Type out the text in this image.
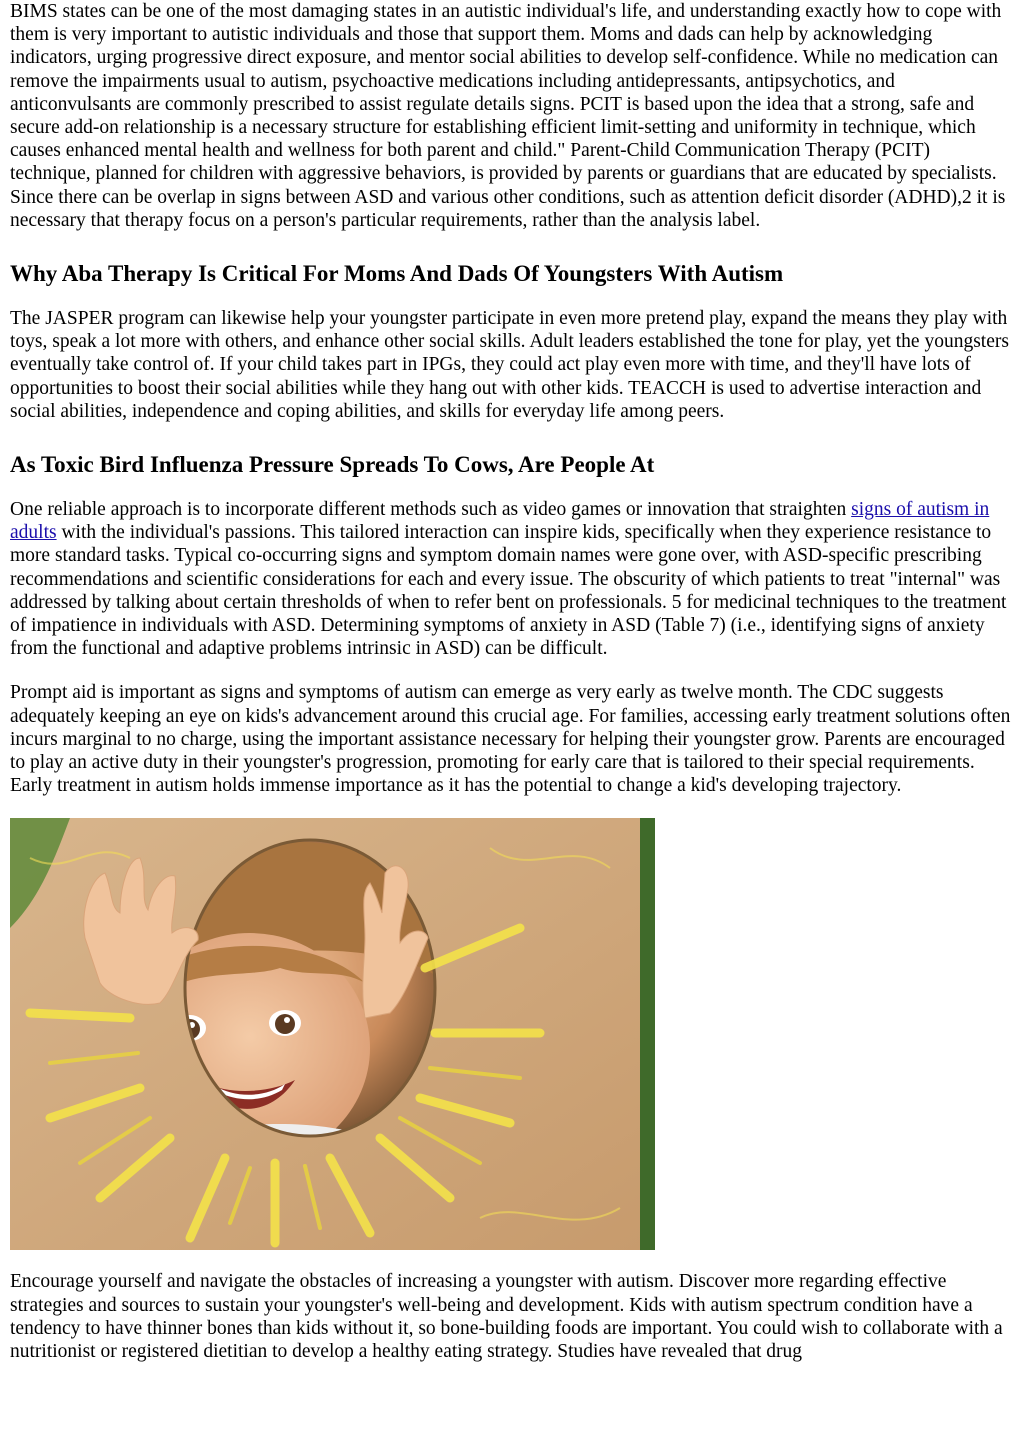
BIMS states can be one of the most damaging states in an autistic individual's life, and understanding exactly how to cope with them is very important to autistic individuals and those that support them. Moms and dads can help by acknowledging indicators, urging progressive direct exposure, and mentor social abilities to develop self-confidence. While no medication can remove the impairments usual to autism, psychoactive medications including antidepressants, antipsychotics, and anticonvulsants are commonly prescribed to assist regulate details signs. PCIT is based upon the idea that a strong, safe and secure add-on relationship is a necessary structure for establishing efficient limit-setting and uniformity in technique, which causes enhanced mental health and wellness for both parent and child." Parent-Child Communication Therapy (PCIT) technique, planned for children with aggressive behaviors, is provided by parents or guardians that are educated by specialists. Since there can be overlap in signs between ASD and various other conditions, such as attention deficit disorder (ADHD),2 it is necessary that therapy focus on a person's particular requirements, rather than the analysis label.

Why Aba Therapy Is Critical For Moms And Dads Of Youngsters With Autism

The JASPER program can likewise help your youngster participate in even more pretend play, expand the means they play with toys, speak a lot more with others, and enhance other social skills. Adult leaders established the tone for play, yet the youngsters eventually take control of. If your child takes part in IPGs, they could act play even more with time, and they'll have lots of opportunities to boost their social abilities while they hang out with other kids. TEACCH is used to advertise interaction and social abilities, independence and coping abilities, and skills for everyday life among peers.

As Toxic Bird Influenza Pressure Spreads To Cows, Are People At

One reliable approach is to incorporate different methods such as video games or innovation that straighten signs of autism in adults with the individual's passions. This tailored interaction can inspire kids, specifically when they experience resistance to more standard tasks. Typical co-occurring signs and symptom domain names were gone over, with ASD-specific prescribing recommendations and scientific considerations for each and every issue. The obscurity of which patients to treat "internal" was addressed by talking about certain thresholds of when to refer bent on professionals. 5 for medicinal techniques to the treatment of impatience in individuals with ASD. Determining symptoms of anxiety in ASD (Table 7) (i.e., identifying signs of anxiety from the functional and adaptive problems intrinsic in ASD) can be difficult.

Prompt aid is important as signs and symptoms of autism can emerge as very early as twelve month. The CDC suggests adequately keeping an eye on kids's advancement around this crucial age. For families, accessing early treatment solutions often incurs marginal to no charge, using the important assistance necessary for helping their youngster grow. Parents are encouraged to play an active duty in their youngster's progression, promoting for early care that is tailored to their special requirements. Early treatment in autism holds immense importance as it has the potential to change a kid's developing trajectory.

Encourage yourself and navigate the obstacles of increasing a youngster with autism. Discover more regarding effective strategies and sources to sustain your youngster's well-being and development. Kids with autism spectrum condition have a tendency to have thinner bones than kids without it, so bone-building foods are important. You could wish to collaborate with a nutritionist or registered dietitian to develop a healthy eating strategy. Studies have revealed that drug
